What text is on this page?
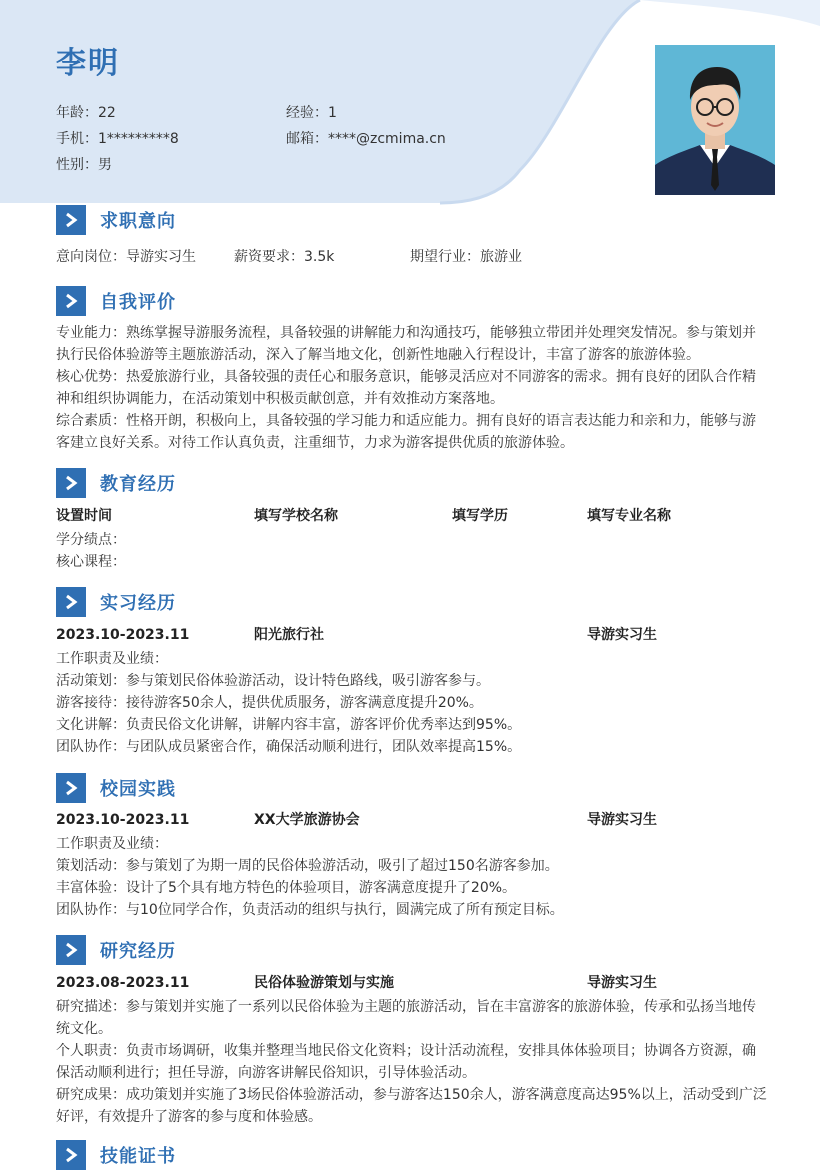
李明
年龄：22	经验：1
手机：1*********8	邮箱：****@zcmima.cn
性别：男
求职意向
意向岗位：导游实习生	薪资要求：3.5k	期望行业：旅游业
自我评价
专业能力：熟练掌握导游服务流程，具备较强的讲解能力和沟通技巧，能够独立带团并处理突发情况。参与策划并
执行民俗体验游等主题旅游活动，深入了解当地文化，创新性地融入行程设计，丰富了游客的旅游体验。
核心优势：热爱旅游行业，具备较强的责任心和服务意识，能够灵活应对不同游客的需求。拥有良好的团队合作精
神和组织协调能力，在活动策划中积极贡献创意，并有效推动方案落地。
综合素质：性格开朗，积极向上，具备较强的学习能力和适应能力。拥有良好的语言表达能力和亲和力，能够与游
客建立良好关系。对待工作认真负责，注重细节，力求为游客提供优质的旅游体验。
教育经历
设置时间	填写学校名称	填写学历	填写专业名称
学分绩点：
核心课程：
实习经历
2023.10-2023.11	阳光旅行社	导游实习生
工作职责及业绩：
活动策划：参与策划民俗体验游活动，设计特色路线，吸引游客参与。
游客接待：接待游客50余人，提供优质服务，游客满意度提升20%。
文化讲解：负责民俗文化讲解，讲解内容丰富，游客评价优秀率达到95%。
团队协作：与团队成员紧密合作，确保活动顺利进行，团队效率提高15%。
校园实践
2023.10-2023.11	XX大学旅游协会	导游实习生
工作职责及业绩：
策划活动：参与策划了为期一周的民俗体验游活动，吸引了超过150名游客参加。
丰富体验：设计了5个具有地方特色的体验项目，游客满意度提升了20%。
团队协作：与10位同学合作，负责活动的组织与执行，圆满完成了所有预定目标。
研究经历
2023.08-2023.11	民俗体验游策划与实施	导游实习生
研究描述：参与策划并实施了一系列以民俗体验为主题的旅游活动，旨在丰富游客的旅游体验，传承和弘扬当地传
统文化。
个人职责：负责市场调研，收集并整理当地民俗文化资料；设计活动流程，安排具体体验项目；协调各方资源，确
保活动顺利进行；担任导游，向游客讲解民俗知识，引导体验活动。
研究成果：成功策划并实施了3场民俗体验游活动，参与游客达150余人，游客满意度高达95%以上，活动受到广泛
好评，有效提升了游客的参与度和体验感。
技能证书
